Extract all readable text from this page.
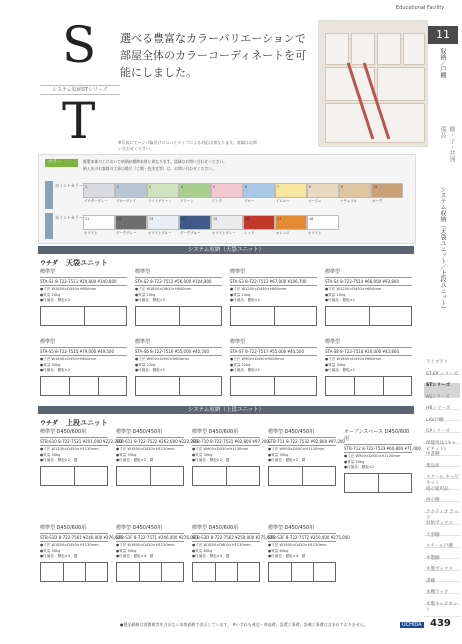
Educational Facility
S
システム収納STシリーズ
T
選べる豊富なカラーバリエーションで部屋全体のカラーコーディネートを可能にしました。
※写真にてハシゴ取付けについてタイプによる対応は異なります。詳細はお問い合わせください。
11
収納／戸棚
棚・子・共通備品
システム収納（天袋ユニット／上段ユニット）
ライブラリ
ST-EX シリーズ
STシリーズ
ASシリーズ
HBシリーズ
LAV戸棚
GPシリーズ
保健用品 (キャビネット)
中書棚
薬品庫
スクール キャビネット
掲示板用品
展示棚
アクティブ ラック
収納ボックス
大型棚
スチール戸棚
木製棚
木製ボックス
書棚
本棚ラック
木製キャビネット
カラー	既製本体の工において納期が標準本体と異なります。詳細はお問い合わせください。
納入先のお客様の工事の場合（工期・色決定等）は、お問い合わせください。
ボイントカラー
ポイントカラー
1
パウダーグレー
2
ブルーグレイ
3
ライトグリーン
4
グリーン
5
ピンク
6
ブルー
7
イエロー
8
ベージュ
9
ナチュラル
10
オーク
11
ホワイト
12
ダークグレー
13
ホワイトブルー
14
ダークブルー
15
ホワイトグレー
16
レッド
17
オレンジ
18
ホワイト
システム収納（天袋ユニット）
ウチダ 天袋ユニット
標準型
STA-S1 8-722-7511 ¥29,800 ¥140,800
●寸法 W1800×D450×H600mm
●質量 20kg
●付属品：棚板×2
標準型
STA-S2 8-722-7512 ¥56,000 ¥104,800
●寸法 W1800×D600×H600mm
●質量 15kg
●付属品：棚板×2
標準型
STA-S3 8-722-7513 ¥67,000 ¥106,700
●寸法 W1200×D450×H600mm
●質量 10kg
●付属品：棚板×1
標準型
STA-S4 8-722-7514 ¥66,000 ¥93,800
●寸法 W1200×D450×H600mm
●質量 10kg
●付属品：棚板×1
標準型
STA-S5 8-722-7515 ¥79,000 ¥49,500
●寸法 W1800×D450×H600mm
●質量 30kg
●付属品：棚板×2
標準型
STA-S6 8-722-7516 ¥55,000 ¥40,500
●寸法 W900×D450×H600mm
●質量 22kg
●付属品：棚板×1
標準型
STA-S7 8-722-7517 ¥55,000 ¥40,500
●寸法 W900×D450×H600mm
●質量 22kg
●付属品：棚板×1
標準型
STA-S8 8-722-7518 ¥20,000 ¥43,800
●寸法 W1800×D450×H600mm
●質量 30kg
●付属品：棚板×1
システム収納（上段ユニット）
ウチダ 上段ユニット
標準型 D450/600用
STB-610 8-722-7521 ¥201,000 ¥222,200
●寸法 W1200×D450×H1130mm
●質量 50kg
●付属品：棚板×2、鍵
標準型 D450/450用
STB-611 8-722-7522 ¥262,000 ¥222,200
●寸法 W1800×D450×H1130mm
●質量 55kg
●付属品：棚板×2、鍵
標準型 D450/600用
STB-710 8-722-7531 ¥92,800 ¥97,200
●寸法 W900×D450×H1130mm
●質量 30kg
●付属品：棚板×2、鍵
標準型 D450/450用
STB-711 8-722-7532 ¥92,800 ¥97,200
●寸法 W900×D450×H1130mm
●質量 30kg
●付属品：棚板×2、鍵
オープンスペース D450/600用
STB-712 8-722-7533 ¥60,800 ¥71,000
●寸法 W900×D450×H1130mm
●質量 20kg
●付属品：棚板×2
標準型 D450/600用
STB-S1D 8-722-7561 ¥246,000 ¥276,000
●寸法 W1800×D450×H1130mm
●質量 50kg
●付属品：棚板×4、鍵
標準型 D450/450用
STB-S1F 8-722-7571 ¥246,000 ¥276,000
●寸法 W1800×D450×H1130mm
●質量 50kg
●付属品：棚板×4、鍵
標準型 D450/600用
STB-S3D 8-722-7562 ¥250,000 ¥275,000
●寸法 W1800×D600×H1130mm
●質量 60kg
●付属品：棚板×4、鍵
標準型 D450/450用
STB-S3F 8-722-7572 ¥250,000 ¥275,000
●寸法 W1800×D450×H1130mm
●質量 60kg
●付属品：棚板×4、鍵
●製品価格は消費税等を含まない本体価格で表示しています。 ※いずれも運送・荷造費、設置工事費、設備工事費は含まれておりません。	UCHIDA 439
